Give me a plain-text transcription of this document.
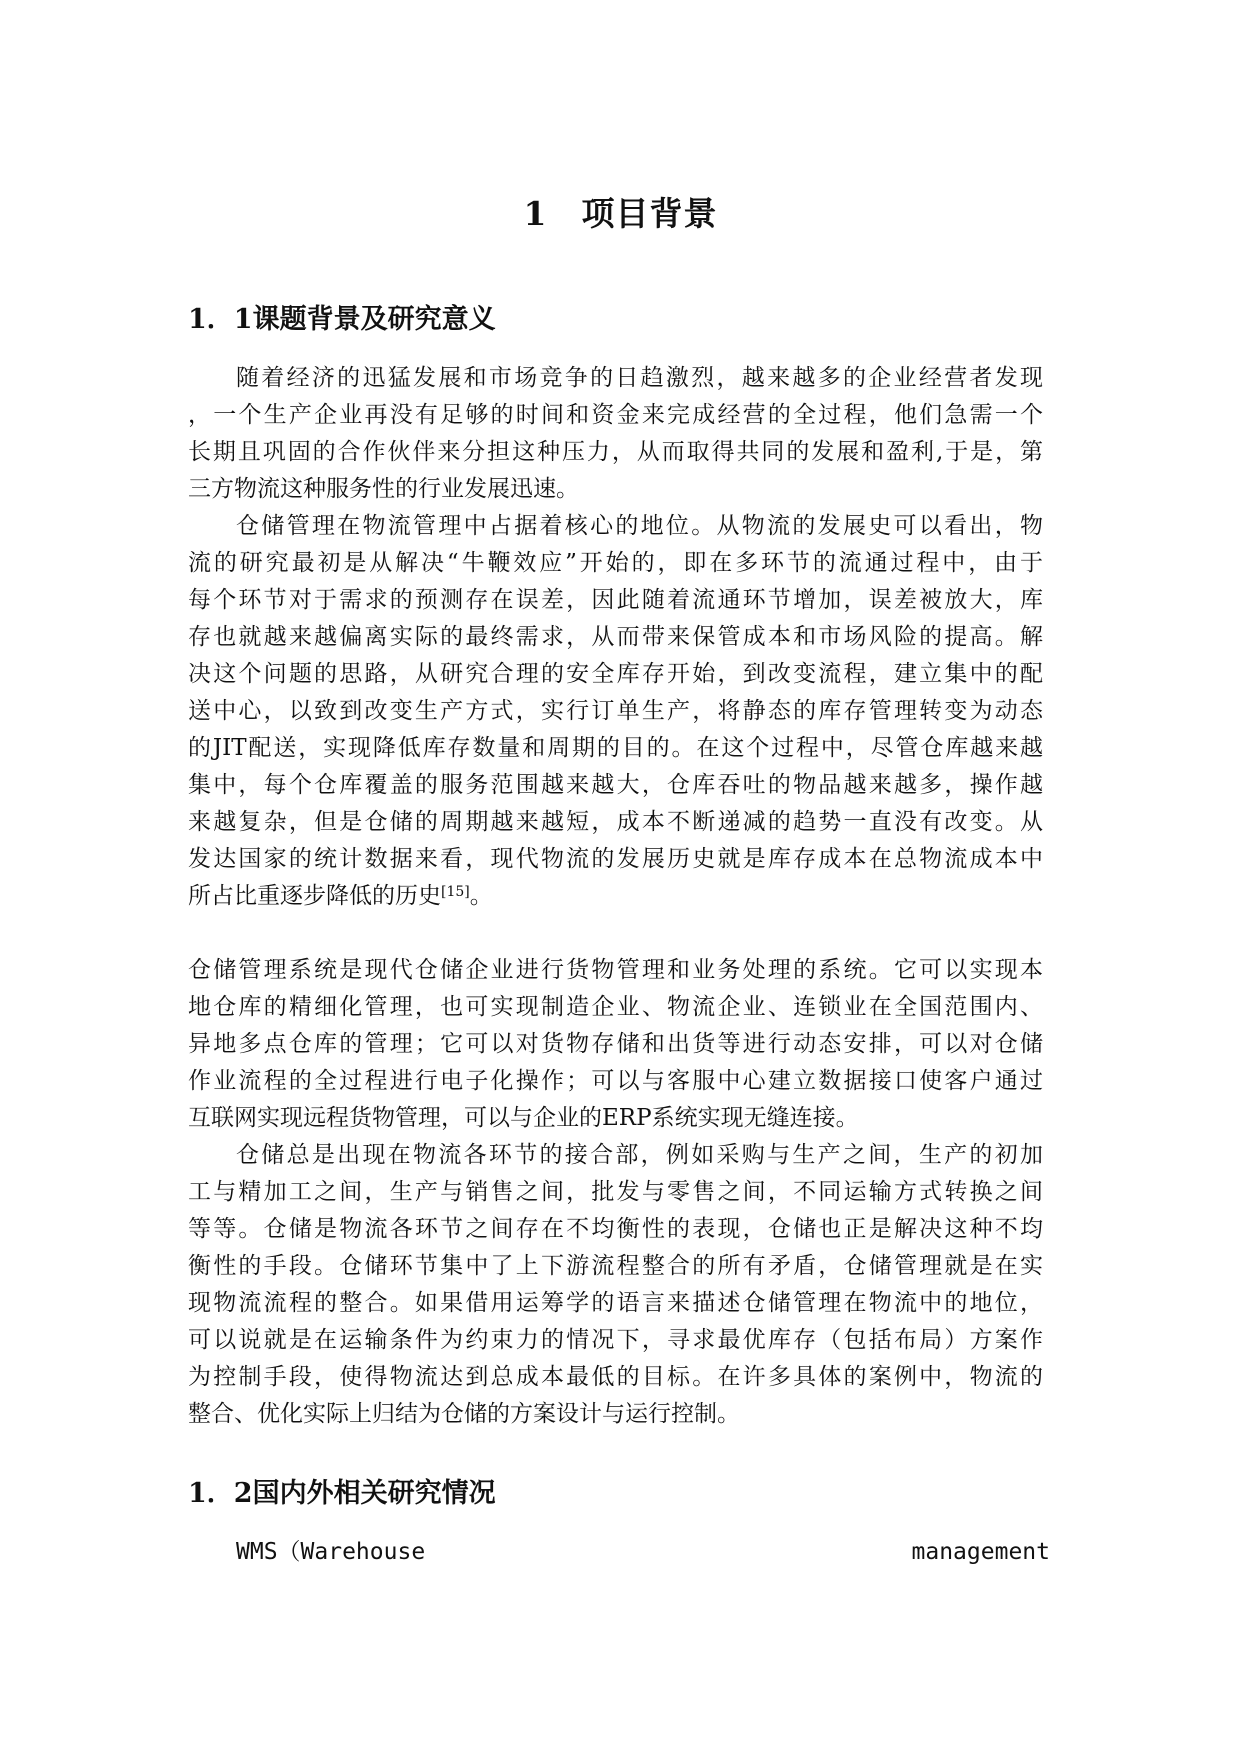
1 项目背景
1．1课题背景及研究意义
随着经济的迅猛发展和市场竞争的日趋激烈，越来越多的企业经营者发现
，一个生产企业再没有足够的时间和资金来完成经营的全过程，他们急需一个
长期且巩固的合作伙伴来分担这种压力，从而取得共同的发展和盈利,于是，第
三方物流这种服务性的行业发展迅速。
仓储管理在物流管理中占据着核心的地位。从物流的发展史可以看出，物
流的研究最初是从解决“牛鞭效应”开始的，即在多环节的流通过程中，由于
每个环节对于需求的预测存在误差，因此随着流通环节增加，误差被放大，库
存也就越来越偏离实际的最终需求，从而带来保管成本和市场风险的提高。解
决这个问题的思路，从研究合理的安全库存开始，到改变流程，建立集中的配
送中心，以致到改变生产方式，实行订单生产，将静态的库存管理转变为动态
的JIT配送，实现降低库存数量和周期的目的。在这个过程中，尽管仓库越来越
集中，每个仓库覆盖的服务范围越来越大，仓库吞吐的物品越来越多，操作越
来越复杂，但是仓储的周期越来越短，成本不断递减的趋势一直没有改变。从
发达国家的统计数据来看，现代物流的发展历史就是库存成本在总物流成本中
所占比重逐步降低的历史[15]。
仓储管理系统是现代仓储企业进行货物管理和业务处理的系统。它可以实现本
地仓库的精细化管理，也可实现制造企业、物流企业、连锁业在全国范围内、
异地多点仓库的管理；它可以对货物存储和出货等进行动态安排，可以对仓储
作业流程的全过程进行电子化操作；可以与客服中心建立数据接口使客户通过
互联网实现远程货物管理，可以与企业的ERP系统实现无缝连接。
仓储总是出现在物流各环节的接合部，例如采购与生产之间，生产的初加
工与精加工之间，生产与销售之间，批发与零售之间，不同运输方式转换之间
等等。仓储是物流各环节之间存在不均衡性的表现，仓储也正是解决这种不均
衡性的手段。仓储环节集中了上下游流程整合的所有矛盾，仓储管理就是在实
现物流流程的整合。如果借用运筹学的语言来描述仓储管理在物流中的地位，
可以说就是在运输条件为约束力的情况下，寻求最优库存（包括布局）方案作
为控制手段，使得物流达到总成本最低的目标。在许多具体的案例中，物流的
整合、优化实际上归结为仓储的方案设计与运行控制。
1．2国内外相关研究情况
WMS（Warehouse	management
